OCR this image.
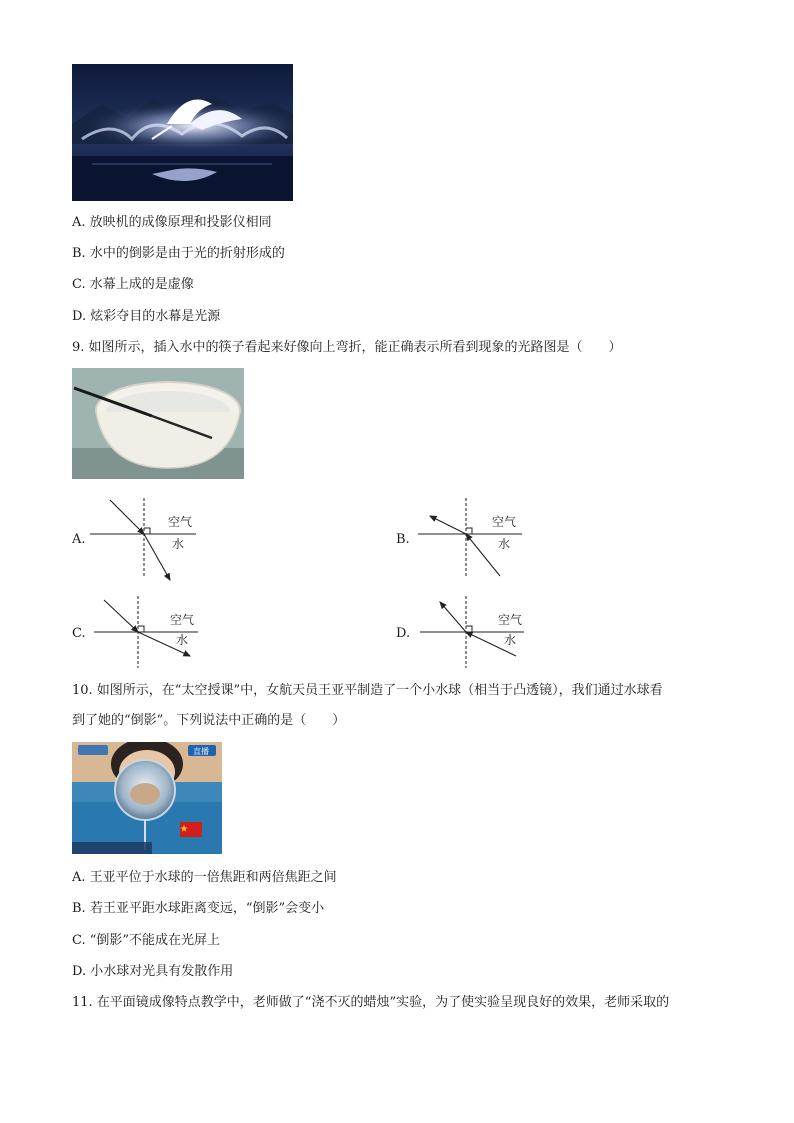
A. 放映机的成像原理和投影仪相同
B. 水中的倒影是由于光的折射形成的
C. 水幕上成的是虚像
D. 炫彩夺目的水幕是光源
9. 如图所示，插入水中的筷子看起来好像向上弯折，能正确表示所看到现象的光路图是（　　）
A.	B.
C.	D.
空气
水
空气
水
空气
水
空气
水
10. 如图所示，在“太空授课”中，女航天员王亚平制造了一个小水球（相当于凸透镜），我们通过水球看
到了她的“倒影”。下列说法中正确的是（　　）
直播
A. 王亚平位于水球的一倍焦距和两倍焦距之间
B. 若王亚平距水球距离变远，“倒影”会变小
C. “倒影”不能成在光屏上
D. 小水球对光具有发散作用
11. 在平面镜成像特点教学中，老师做了“浇不灭的蜡烛”实验，为了使实验呈现良好的效果，老师采取的
